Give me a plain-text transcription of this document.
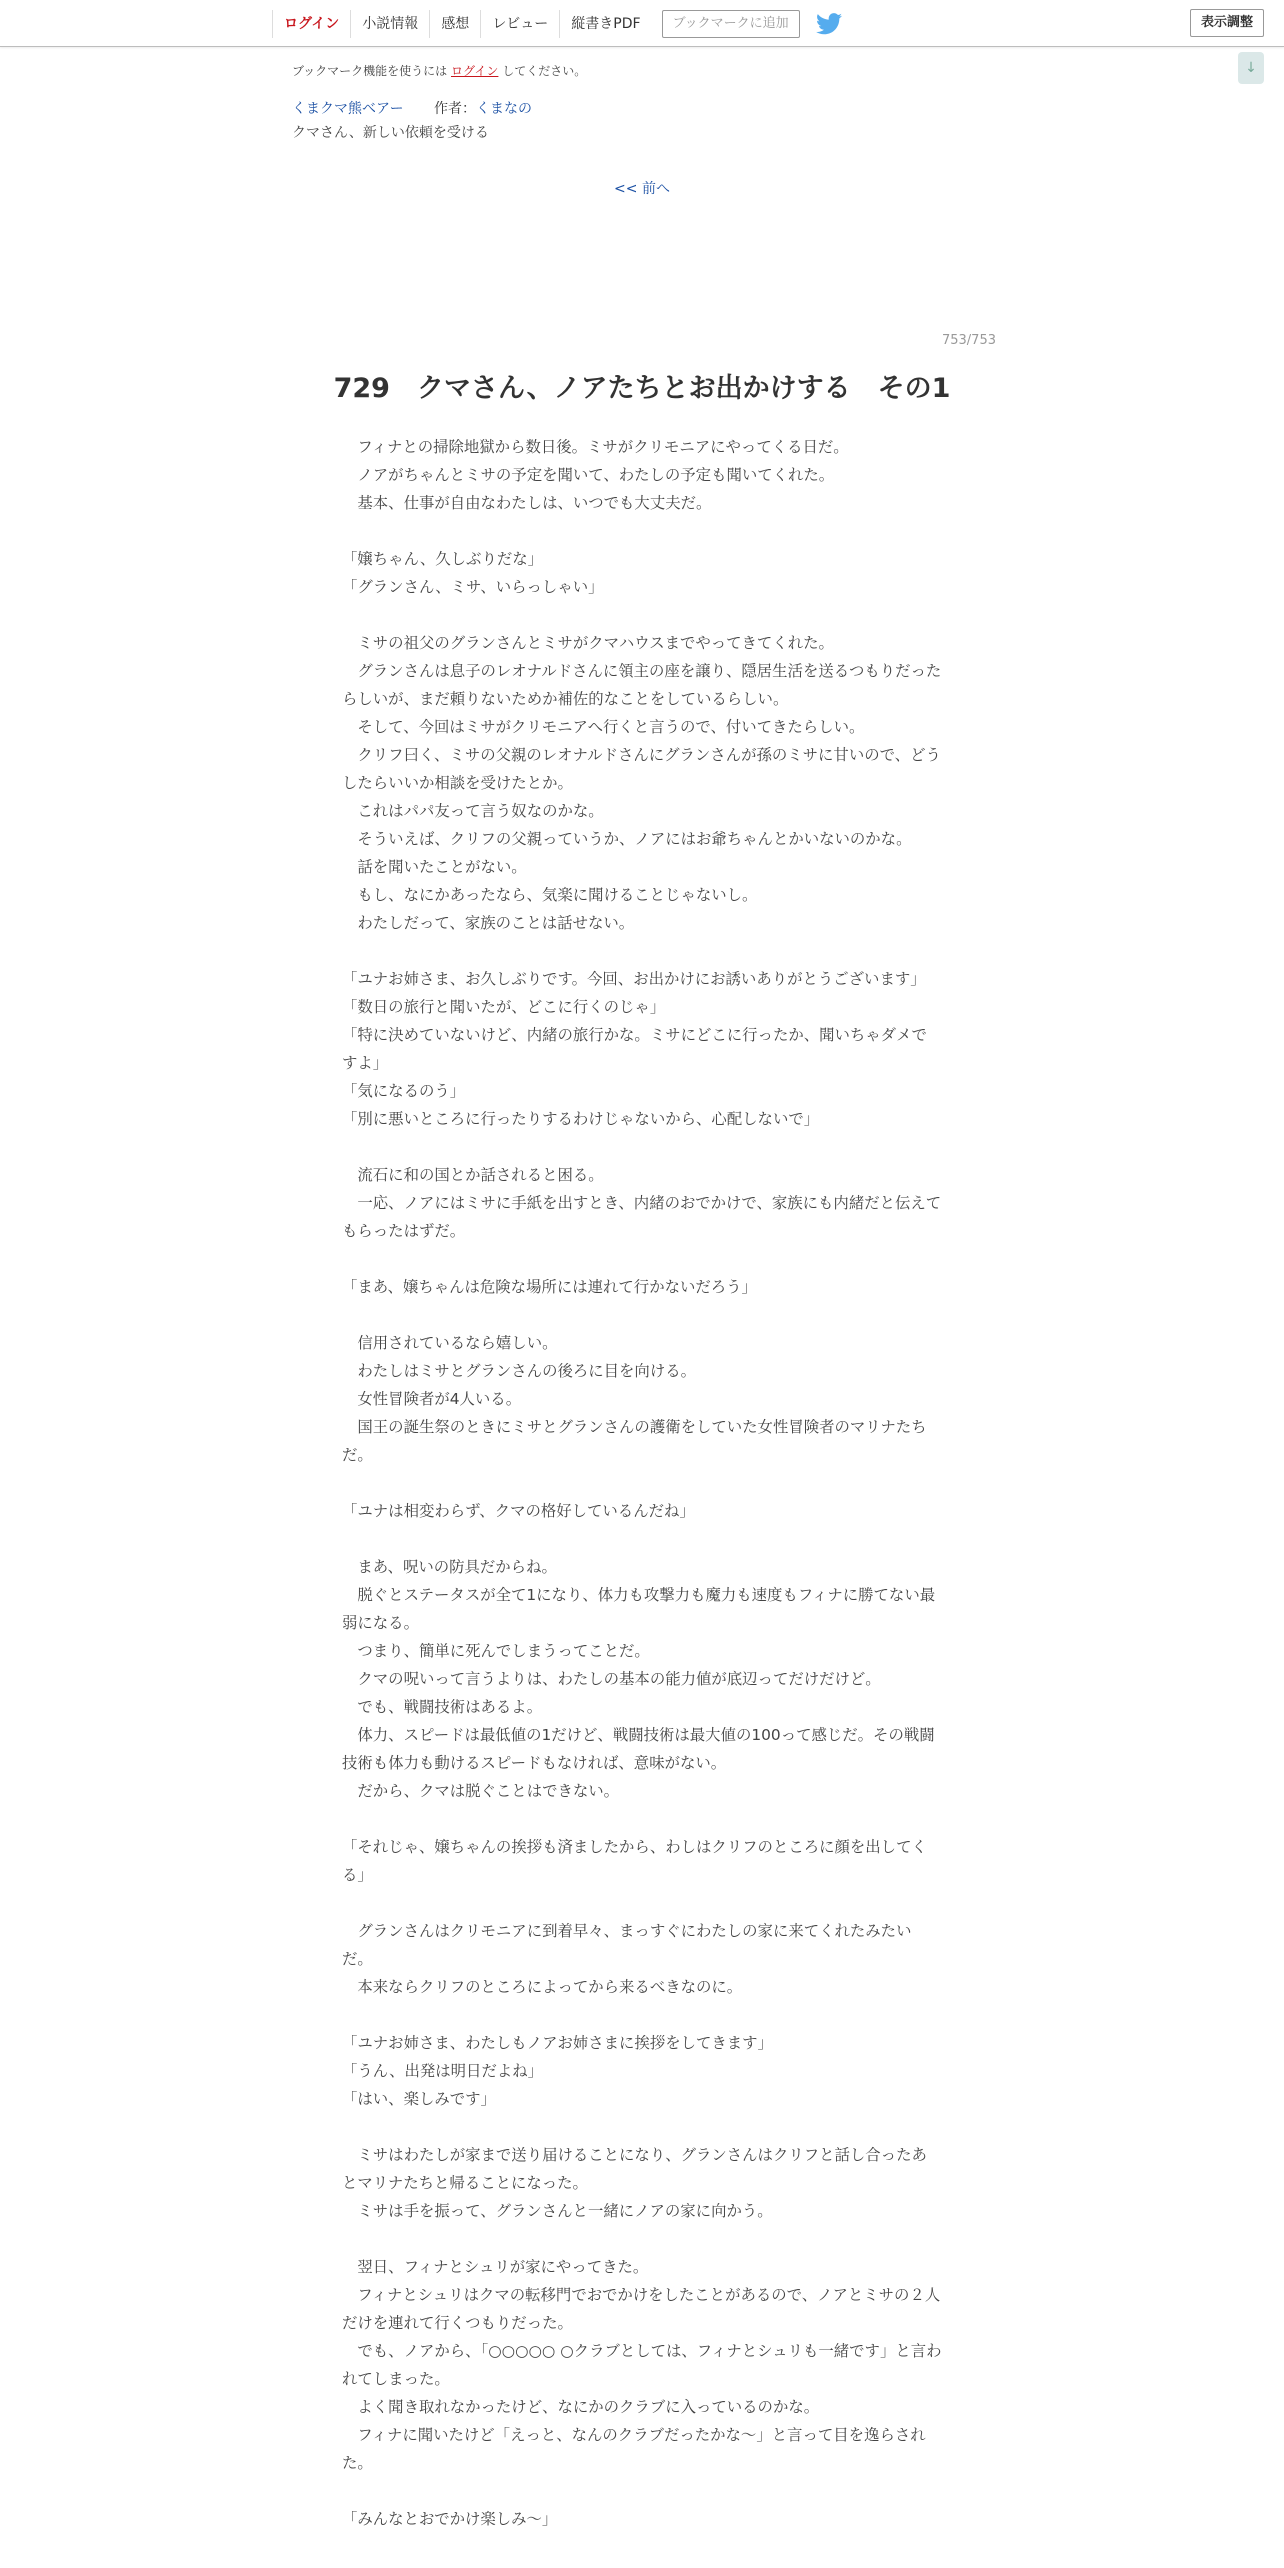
ログイン	小説情報	感想	レビュー	縦書きPDF	ブックマークに追加	表示調整
↓
ブックマーク機能を使うには ログイン してください。
くまクマ熊ベアー 作者：くまなの
クマさん、新しい依頼を受ける
<< 前へ
753/753
729　クマさん、ノアたちとお出かけする　その1

　フィナとの掃除地獄から数日後。ミサがクリモニアにやってくる日だ。

　ノアがちゃんとミサの予定を聞いて、わたしの予定も聞いてくれた。

　基本、仕事が自由なわたしは、いつでも大丈夫だ。

「嬢ちゃん、久しぶりだな」

「グランさん、ミサ、いらっしゃい」

　ミサの祖父のグランさんとミサがクマハウスまでやってきてくれた。

　グランさんは息子のレオナルドさんに領主の座を譲り、隠居生活を送るつもりだったらしいが、まだ頼りないためか補佐的なことをしているらしい。

　そして、今回はミサがクリモニアへ行くと言うので、付いてきたらしい。

　クリフ曰く、ミサの父親のレオナルドさんにグランさんが孫のミサに甘いので、どうしたらいいか相談を受けたとか。

　これはパパ友って言う奴なのかな。

　そういえば、クリフの父親っていうか、ノアにはお爺ちゃんとかいないのかな。

　話を聞いたことがない。

　もし、なにかあったなら、気楽に聞けることじゃないし。

　わたしだって、家族のことは話せない。

「ユナお姉さま、お久しぶりです。今回、お出かけにお誘いありがとうございます」

「数日の旅行と聞いたが、どこに行くのじゃ」

「特に決めていないけど、内緒の旅行かな。ミサにどこに行ったか、聞いちゃダメですよ」

「気になるのう」

「別に悪いところに行ったりするわけじゃないから、心配しないで」

　流石に和の国とか話されると困る。

　一応、ノアにはミサに手紙を出すとき、内緒のおでかけで、家族にも内緒だと伝えてもらったはずだ。

「まあ、嬢ちゃんは危険な場所には連れて行かないだろう」

　信用されているなら嬉しい。

　わたしはミサとグランさんの後ろに目を向ける。

　女性冒険者が4人いる。

　国王の誕生祭のときにミサとグランさんの護衛をしていた女性冒険者のマリナたちだ。

「ユナは相変わらず、クマの格好しているんだね」

　まあ、呪いの防具だからね。

　脱ぐとステータスが全て1になり、体力も攻撃力も魔力も速度もフィナに勝てない最弱になる。

　つまり、簡単に死んでしまうってことだ。

　クマの呪いって言うよりは、わたしの基本の能力値が底辺ってだけだけど。

　でも、戦闘技術はあるよ。

　体力、スピードは最低値の1だけど、戦闘技術は最大値の100って感じだ。その戦闘技術も体力も動けるスピードもなければ、意味がない。

　だから、クマは脱ぐことはできない。

「それじゃ、嬢ちゃんの挨拶も済ましたから、わしはクリフのところに顔を出してくる」

　グランさんはクリモニアに到着早々、まっすぐにわたしの家に来てくれたみたいだ。

　本来ならクリフのところによってから来るべきなのに。

「ユナお姉さま、わたしもノアお姉さまに挨拶をしてきます」

「うん、出発は明日だよね」

「はい、楽しみです」

　ミサはわたしが家まで送り届けることになり、グランさんはクリフと話し合ったあとマリナたちと帰ることになった。

　ミサは手を振って、グランさんと一緒にノアの家に向かう。

　翌日、フィナとシュリが家にやってきた。

　フィナとシュリはクマの転移門でおでかけをしたことがあるので、ノアとミサの２人だけを連れて行くつもりだった。

　でも、ノアから、「○○○○○ ○クラブとしては、フィナとシュリも一緒です」と言われてしまった。

　よく聞き取れなかったけど、なにかのクラブに入っているのかな。

　フィナに聞いたけど「えっと、なんのクラブだったかな～」と言って目を逸らされた。

「みんなとおでかけ楽しみ～」
